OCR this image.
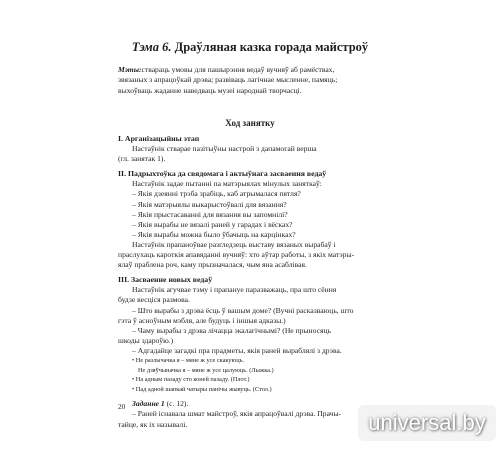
Тэма 6. Драўляная казка горада майстроў
Мэты:стварaць умовы для пашырэння ведаў вучняў аб рамёствах,
звязаных з апрацоўкай дрэва; развіваць лагічнае мысленне, памяць;
выхоўваць жаданне наведваць музеі народнай творчасці.
Ход занятку
I. Арганізацыйны этап
Настаўнік стварае пазітыўны настрой з дапамогай верша
(гл. занятак 1).
II. Падрыхтоўка да свядомага і актыўнага засваення ведаў
Настаўнік задае пытанні па матэрыялах мінулых заняткаў:
– Якія дзеянні трэба зрабіць, каб атрымалася пятля?
– Якія матэрыялы выкарыстоўвалі для вязання?
– Якія прыстасаванні для вязання вы запомнілі?
– Якія вырабы не вязалі раней у гарадах і вёсках?
– Якія вырабы можна было ўбачыць на карцінках?
Настаўнік прапаноўвае разгледзець выставу вязаных вырабаў і
праслухаць кароткія апавяданні вучняў: хто аўтар работы, з якіх матэры-
ялаў праблена роч, каму прызначалася, чым яна асаблівая.
III. Засваенне новых ведаў
Настаўнік агучвае тэму і прапануе паразважаць, пра што сёння
будзе весціся размова.
– Што вырабы з дрэва ёсць ў вашым доме? (Вучні расказваюць, што
гэта ў асноўным мэбля, але будуць і іншыя адказы.)
– Чаму вырабы з дрэва лічацца экалагічнымі? (Не прыносяць
шкоды здароўю.)
– Адгадайце загадкі пра прадметы, якія раней выраблялі з дрэва.
• Не разлычачка я – мяне ж усе скакуюць.
Не дзяўчыначка я – мяне ж усе цалуюць. (Лыжка.)
• На адным пазаду сто коней пазаду. (Плот.)
• Пад адной шапкай чатыры панічы жывуць. (Стол.)
Заданне 1 (с. 12).
– Раней існавала шмат майстроў, якія апрацоўвалі дрэва. Прачы-
тайце, як іх называлі.
20
universal.by
